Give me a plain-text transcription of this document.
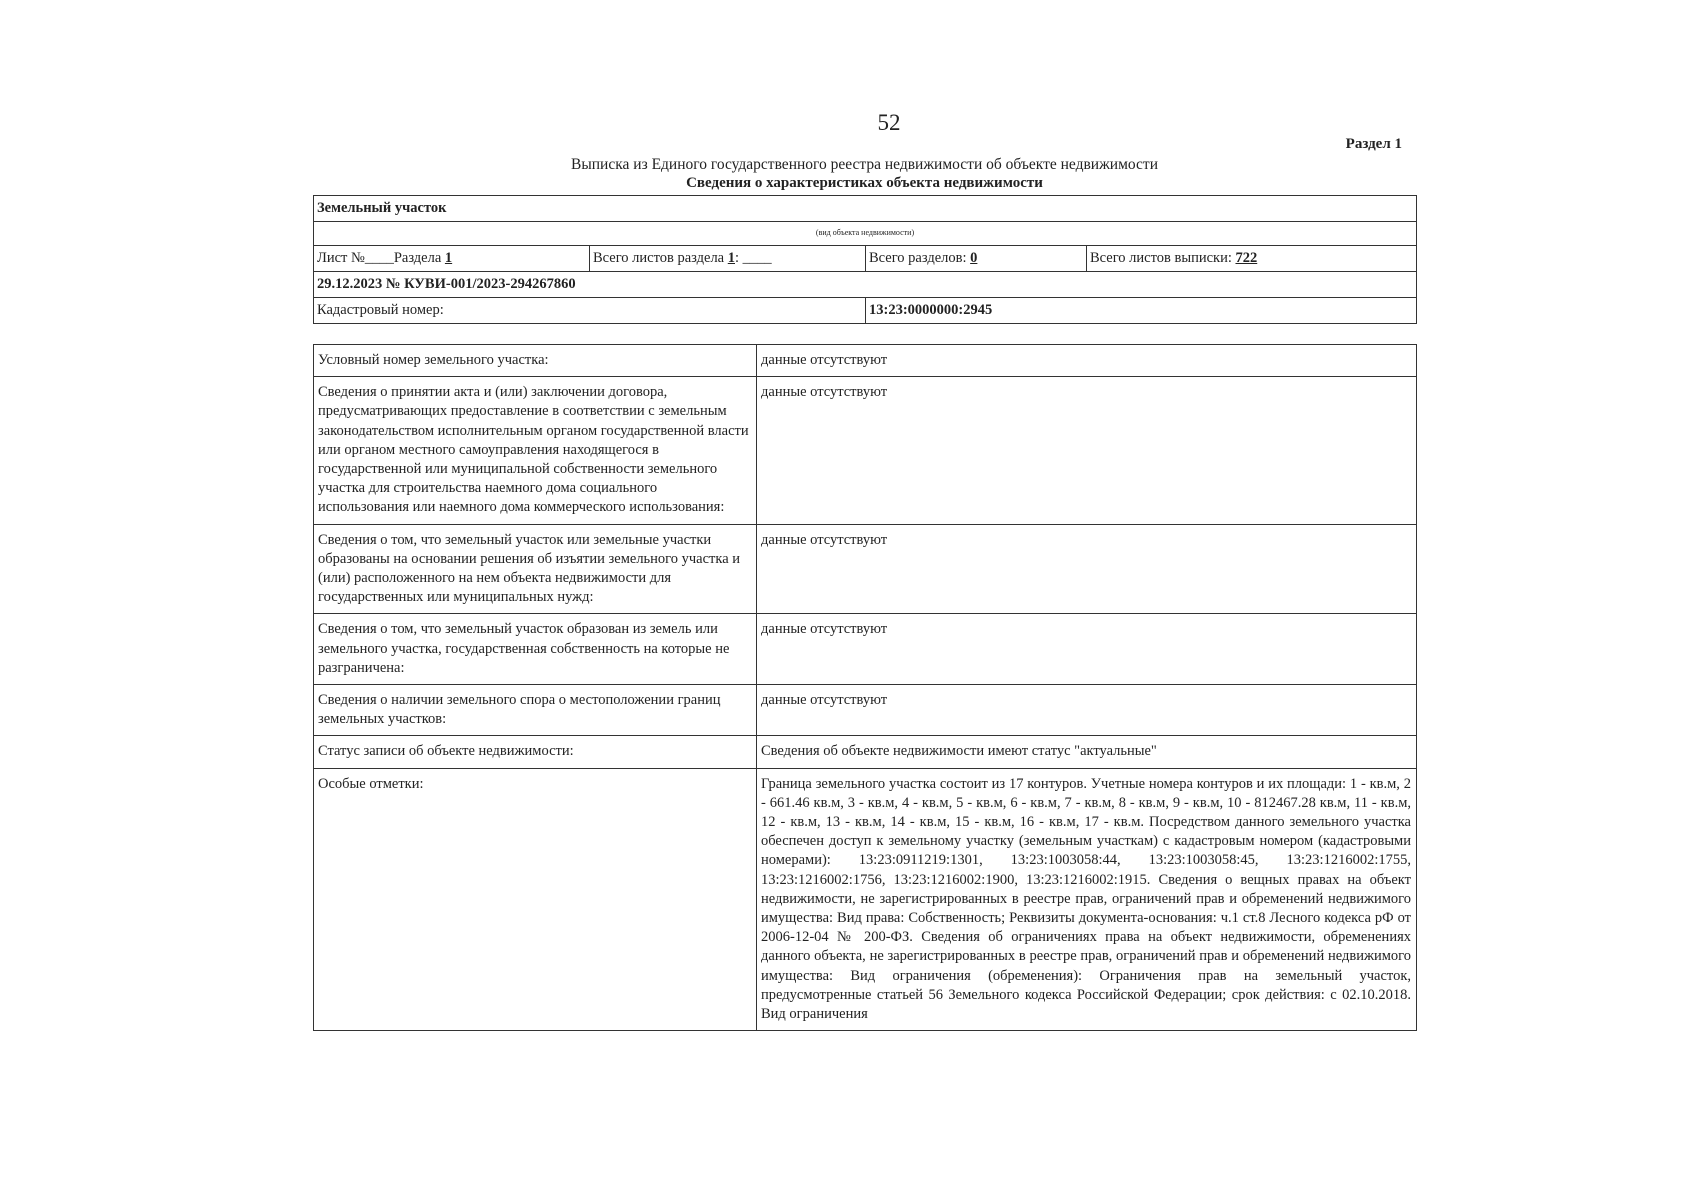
52
Раздел 1
Выписка из Единого государственного реестра недвижимости об объекте недвижимости
Сведения о характеристиках объекта недвижимости
Земельный участок			
(вид объекта недвижимости)			
Лист №____Раздела 1	Всего листов раздела 1: ____	Всего разделов: 0	Всего листов выписки: 722
29.12.2023 № КУВИ-001/2023-294267860			
Кадастровый номер:		13:23:0000000:2945	
Условный номер земельного участка:	данные отсутствуют
Сведения о принятии акта и (или) заключении договора, предусматривающих предоставление в соответствии с земельным законодательством исполнительным органом государственной власти или органом местного самоуправления находящегося в государственной или муниципальной собственности земельного участка для строительства наемного дома социального использования или наемного дома коммерческого использования:	данные отсутствуют
Сведения о том, что земельный участок или земельные участки образованы на основании решения об изъятии земельного участка и (или) расположенного на нем объекта недвижимости для государственных или муниципальных нужд:	данные отсутствуют
Сведения о том, что земельный участок образован из земель или земельного участка, государственная собственность на которые не разграничена:	данные отсутствуют
Сведения о наличии земельного спора о местоположении границ земельных участков:	данные отсутствуют
Статус записи об объекте недвижимости:	Сведения об объекте недвижимости имеют статус "актуальные"
Особые отметки:	Граница земельного участка состоит из 17 контуров. Учетные номера контуров и их площади: 1 - кв.м, 2 - 661.46 кв.м, 3 - кв.м, 4 - кв.м, 5 - кв.м, 6 - кв.м, 7 - кв.м, 8 - кв.м, 9 - кв.м, 10 - 812467.28 кв.м, 11 - кв.м, 12 - кв.м, 13 - кв.м, 14 - кв.м, 15 - кв.м, 16 - кв.м, 17 - кв.м. Посредством данного земельного участка обеспечен доступ к земельному участку (земельным участкам) с кадастровым номером (кадастровыми номерами): 13:23:0911219:1301, 13:23:1003058:44, 13:23:1003058:45, 13:23:1216002:1755, 13:23:1216002:1756, 13:23:1216002:1900, 13:23:1216002:1915. Сведения о вещных правах на объект недвижимости, не зарегистрированных в реестре прав, ограничений прав и обременений недвижимого имущества: Вид права: Собственность; Реквизиты документа-основания: ч.1 ст.8 Лесного кодекса рФ от 2006-12-04 № 200-ФЗ. Сведения об ограничениях права на объект недвижимости, обременениях данного объекта, не зарегистрированных в реестре прав, ограничений прав и обременений недвижимого имущества: Вид ограничения (обременения): Ограничения прав на земельный участок, предусмотренные статьей 56 Земельного кодекса Российской Федерации; срок действия: с 02.10.2018. Вид ограничения
